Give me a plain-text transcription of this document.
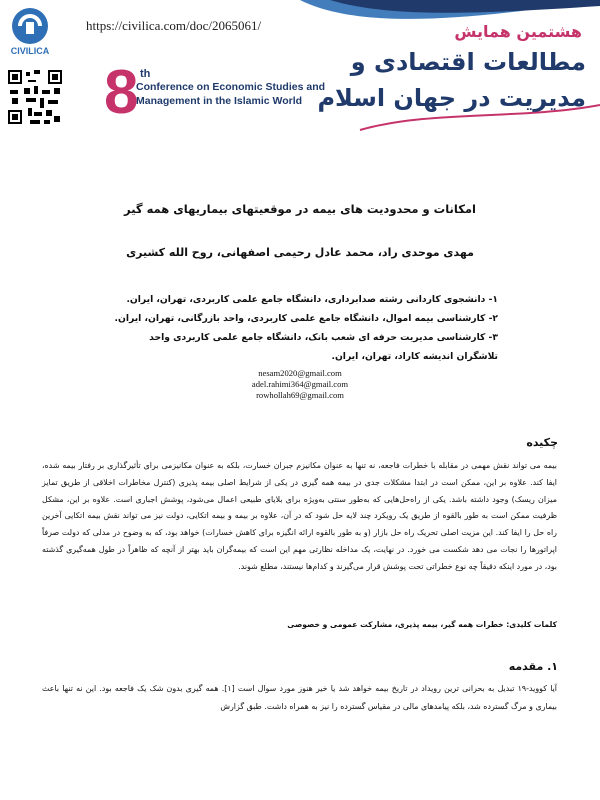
CIVILICA
https://civilica.com/doc/2065061/
8 th
Conference on Economic Studies and Management in the Islamic World
هشتمین همایش
مطالعات اقتصادی و
مدیریت در جهان اسلام
امکانات و محدودیت های بیمه در موقعیتهای بیماریهای همه گیر
مهدی موحدی راد، محمد عادل رحیمی اصفهانی، روح الله کشیری

۱- دانشجوی کاردانی رشته صدابرداری، دانشگاه جامع علمی کاربردی، تهران، ایران.

۲- کارشناسی بیمه اموال، دانشگاه جامع علمی کاربردی، واحد بازرگانی، تهران، ایران.

۳- کارشناسی مدیریت حرفه ای شعب بانک، دانشگاه جامع علمی کاربردی واحد تلاشگران اندیشه کاراد، تهران، ایران.

nesam2020@gmail.com
adel.rahimi364@gmail.com
rowhollah69@gmail.com
چکیده

بیمه می تواند نقش مهمی در مقابله با خطرات فاجعه، نه تنها به عنوان مکانیزم جبران خسارت، بلکه به عنوان مکانیزمی برای تأثیرگذاری بر رفتار بیمه شده، ایفا کند. علاوه بر این، ممکن است در ابتدا مشکلات جدی در بیمه همه گیری در یکی از شرایط اصلی بیمه پذیری (کنترل مخاطرات اخلاقی از طریق تمایز میزان ریسک) وجود داشته باشد. یکی از راه‌حل‌هایی که به‌طور سنتی به‌ویژه برای بلایای طبیعی اعمال می‌شود، پوشش اجباری است. علاوه بر این، مشکل ظرفیت ممکن است به طور بالقوه از طریق یک رویکرد چند لایه حل شود که در آن، علاوه بر بیمه و بیمه اتکایی، دولت نیز می تواند نقش بیمه اتکایی آخرین راه حل را ایفا کند. این مزیت اصلی تحریک راه حل بازار (و به طور بالقوه ارائه انگیزه برای کاهش خسارات) خواهد بود، که به وضوح در مدلی که دولت صرفاً اپراتورها را نجات می دهد شکست می خورد. در نهایت، یک مداخله نظارتی مهم این است که بیمه‌گران باید بهتر از آنچه که ظاهراً در طول همه‌گیری گذشته بود، در مورد اینکه دقیقاً چه نوع خطراتی تحت پوشش قرار می‌گیرند و کدام‌ها نیستند، مطلع شوند.

کلمات کلیدی: خطرات همه گیر، بیمه پذیری، مشارکت عمومی و خصوصی
۱. مقدمه

آیا کووید-۱۹ تبدیل به بحرانی ترین رویداد در تاریخ بیمه خواهد شد یا خیر هنوز مورد سوال است [۱]. همه گیری بدون شک یک فاجعه بود. این نه تنها باعث بیماری و مرگ گسترده شد، بلکه پیامدهای مالی در مقیاس گسترده را نیز به همراه داشت. طبق گزارش
